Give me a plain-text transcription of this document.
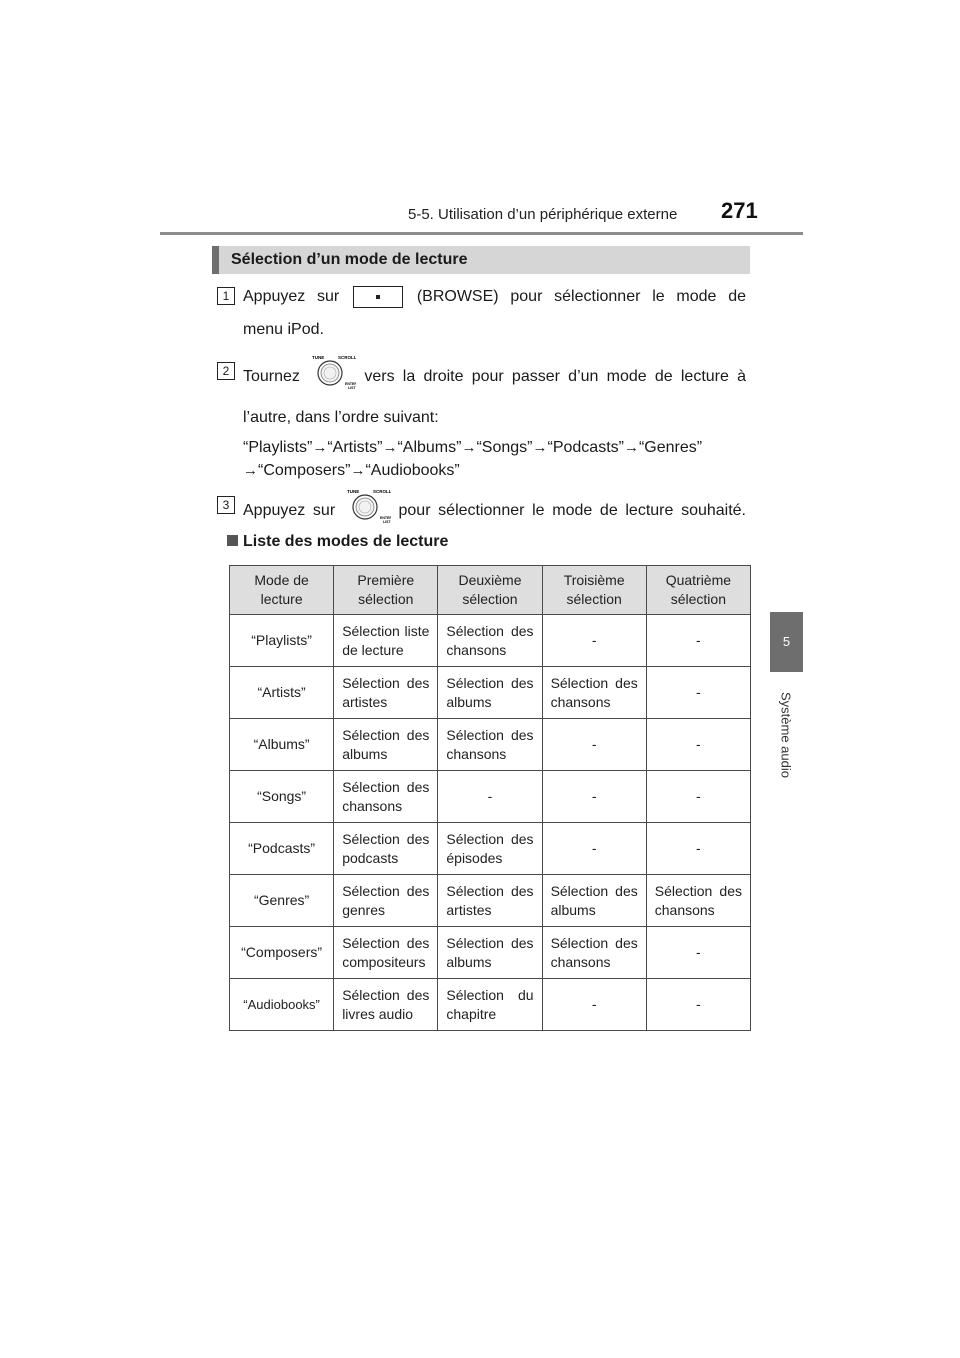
5-5. Utilisation d’un périphérique externe 271
5
Système audio
Sélection d’un mode de lecture
1 Appuyez sur	(BROWSE) pour sélectionner le mode de
menu iPod.
2 Tournez
TUNE	SCROLL
ENTER
LIST
vers la droite pour passer d’un mode de lecture à
l’autre, dans l’ordre suivant:
“Playlists”→“Artists”→“Albums”→“Songs”→“Podcasts”→“Genres”
→“Composers”→“Audiobooks”
3 Appuyez sur
TUNE	SCROLL
ENTER
LIST
pour sélectionner le mode de lecture souhaité.
Liste des modes de lecture
Mode de lecture	Première sélection	Deuxième sélection	Troisième sélection	Quatrième sélection
“Playlists”	Sélection liste de lecture	Sélection des chansons	-	-
“Artists”	Sélection des artistes	Sélection des albums	Sélection des chansons	-
“Albums”	Sélection des albums	Sélection des chansons	-	-
“Songs”	Sélection des chansons	-	-	-
“Podcasts”	Sélection des podcasts	Sélection des épisodes	-	-
“Genres”	Sélection des genres	Sélection des artistes	Sélection des albums	Sélection des chansons
“Composers”	Sélection des compositeurs	Sélection des albums	Sélection des chansons	-
“Audiobooks”	Sélection des livres audio	Sélection du chapitre	-	-
